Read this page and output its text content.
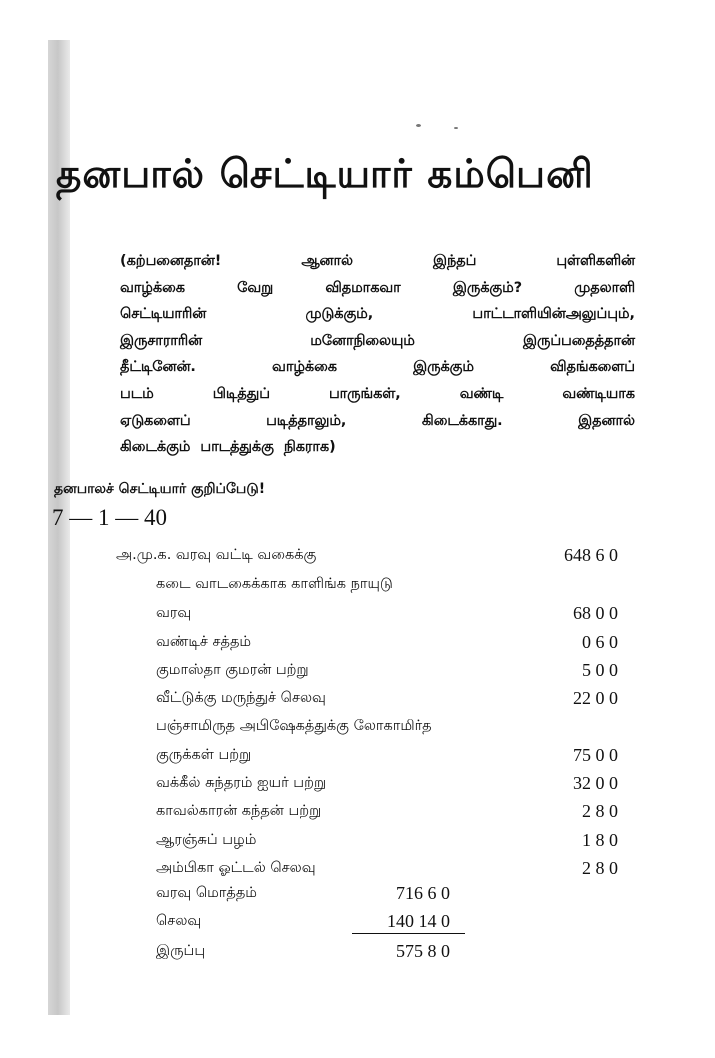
தனபால் செட்டியார் கம்பெனி
(கற்பனைதான்!	ஆனால்	இந்தப்	புள்ளிகளின்
வாழ்க்கை	வேறு	விதமாகவா	இருக்கும்?	முதலாளி
செட்டியாரின்	முடுக்கும்,	பாட்டாளியின்அலுப்பும்,
இருசாராரின்	மனோநிலையும்	இருப்பதைத்தான்
தீட்டினேன்.	வாழ்க்கை	இருக்கும்	விதங்களைப்
படம்	பிடித்துப்	பாருங்கள்,	வண்டி	வண்டியாக
ஏடுகளைப்	படித்தாலும்,	கிடைக்காது.	இதனால்
கிடைக்கும் பாடத்துக்கு நிகராக)
தனபாலச் செட்டியார் குறிப்பேடு!
7 — 1 — 40
அ.மு.க. வரவு வட்டி வகைக்கு	648 6 0
கடை வாடகைக்காக காளிங்க நாயுடு
வரவு	68 0 0
வண்டிச் சத்தம்	0 6 0
குமாஸ்தா குமரன் பற்று	5 0 0
வீட்டுக்கு மருந்துச் செலவு	22 0 0
பஞ்சாமிருத அபிஷேகத்துக்கு லோகாமிர்த
குருக்கள் பற்று	75 0 0
வக்கீல் சுந்தரம் ஐயர் பற்று	32 0 0
காவல்காரன் கந்தன் பற்று	2 8 0
ஆரஞ்சுப் பழம்	1 8 0
அம்பிகா ஓட்டல் செலவு	2 8 0
வரவு மொத்தம்	716 6 0
செலவு	140 14 0
இருப்பு	575 8 0
